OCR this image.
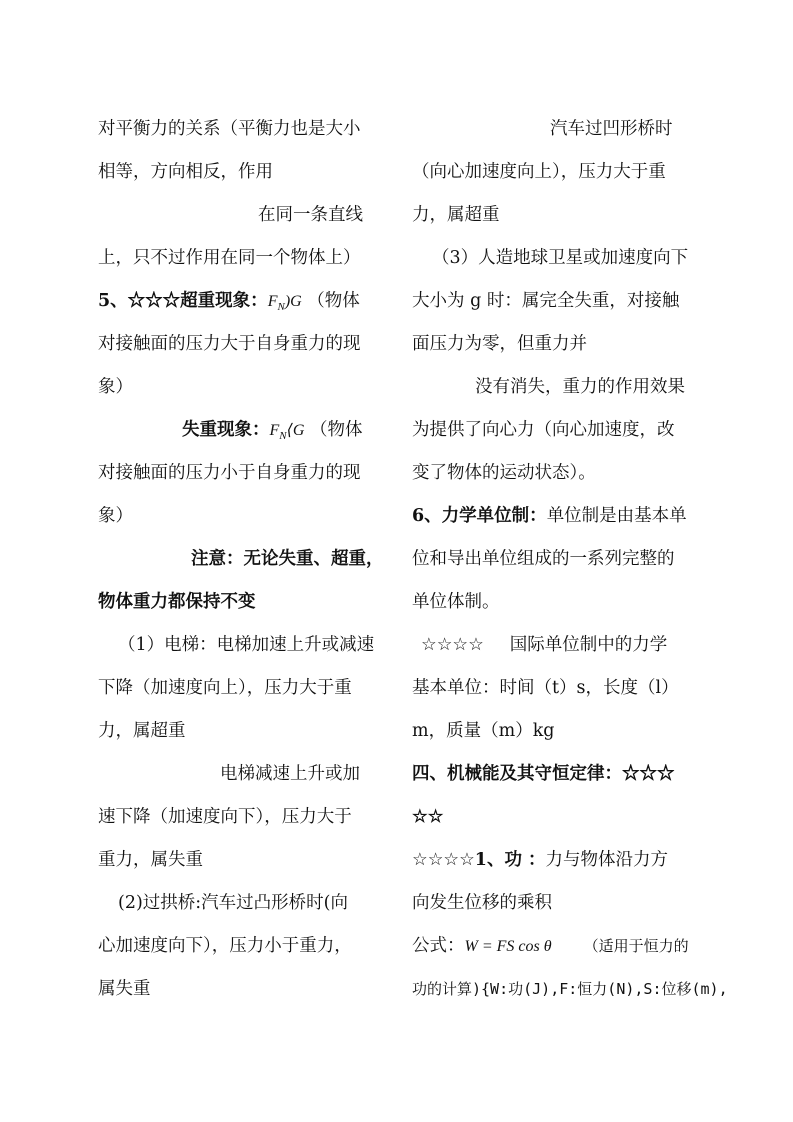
对平衡力的关系（平衡力也是大小
相等，方向相反，作用
在同一条直线
上，只不过作用在同一个物体上）
5、☆☆☆超重现象：$F_N)G$ （物体
对接触面的压力大于自身重力的现
象）
失重现象：$F_N⟨G$ （物体
对接触面的压力小于自身重力的现
象）
注意：无论失重、超重，
物体重力都保持不变
（1）电梯：电梯加速上升或减速
下降（加速度向上），压力大于重
力，属超重
电梯减速上升或加
速下降（加速度向下），压力大于
重力，属失重
(2)过拱桥:汽车过凸形桥时(向
心加速度向下），压力小于重力，
属失重
汽车过凹形桥时
（向心加速度向上），压力大于重
力，属超重
（3）人造地球卫星或加速度向下
大小为 g 时：属完全失重，对接触
面压力为零，但重力并
没有消失，重力的作用效果
为提供了向心力（向心加速度，改
变了物体的运动状态）。
6、力学单位制：单位制是由基本单
位和导出单位组成的一系列完整的
单位体制。
☆☆☆☆ 国际单位制中的力学
基本单位：时间（t）s，长度（l）
m，质量（m）kg
四、机械能及其守恒定律：☆☆☆
☆☆
☆☆☆☆1、功 ：力与物体沿力方
向发生位移的乘积
公式：W = FS cos θ （适用于恒力的
功的计算){W:功(J),F:恒力(N),S:位移(m),
